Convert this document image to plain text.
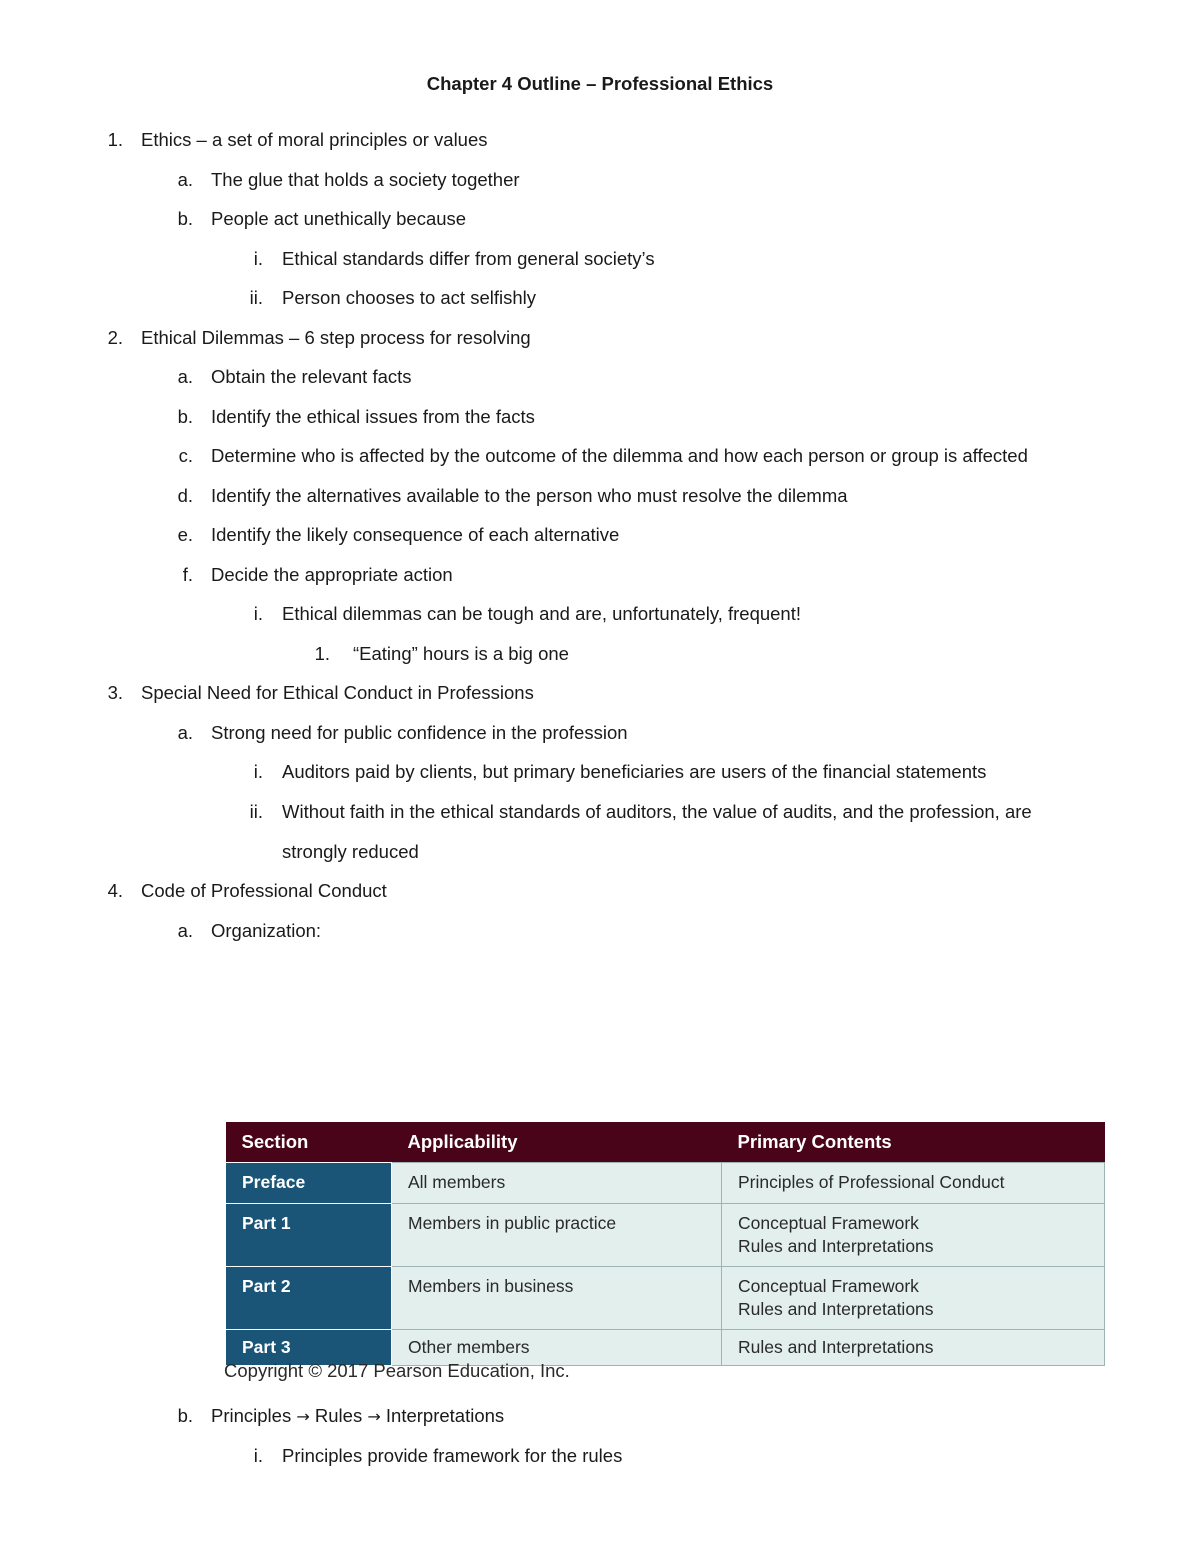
Chapter 4 Outline – Professional Ethics
1. Ethics – a set of moral principles or values
a. The glue that holds a society together
b. People act unethically because
i. Ethical standards differ from general society’s
ii. Person chooses to act selfishly
2. Ethical Dilemmas – 6 step process for resolving
a. Obtain the relevant facts
b. Identify the ethical issues from the facts
c. Determine who is affected by the outcome of the dilemma and how each person or group is affected
d. Identify the alternatives available to the person who must resolve the dilemma
e. Identify the likely consequence of each alternative
f. Decide the appropriate action
i. Ethical dilemmas can be tough and are, unfortunately, frequent!
1. “Eating” hours is a big one
3. Special Need for Ethical Conduct in Professions
a. Strong need for public confidence in the profession
i. Auditors paid by clients, but primary beneficiaries are users of the financial statements
ii. Without faith in the ethical standards of auditors, the value of audits, and the profession, are
strongly reduced
4. Code of Professional Conduct
a. Organization:
Section	Applicability	Primary Contents
Preface	All members	Principles of Professional Conduct

Part 1	Members in public practice	Conceptual Framework
Rules and Interpretations

Part 2	Members in business	Conceptual Framework
Rules and Interpretations

Part 3	Other members	Rules and Interpretations
Copyright © 2017 Pearson Education, Inc.
b. Principles → Rules → Interpretations
i. Principles provide framework for the rules
